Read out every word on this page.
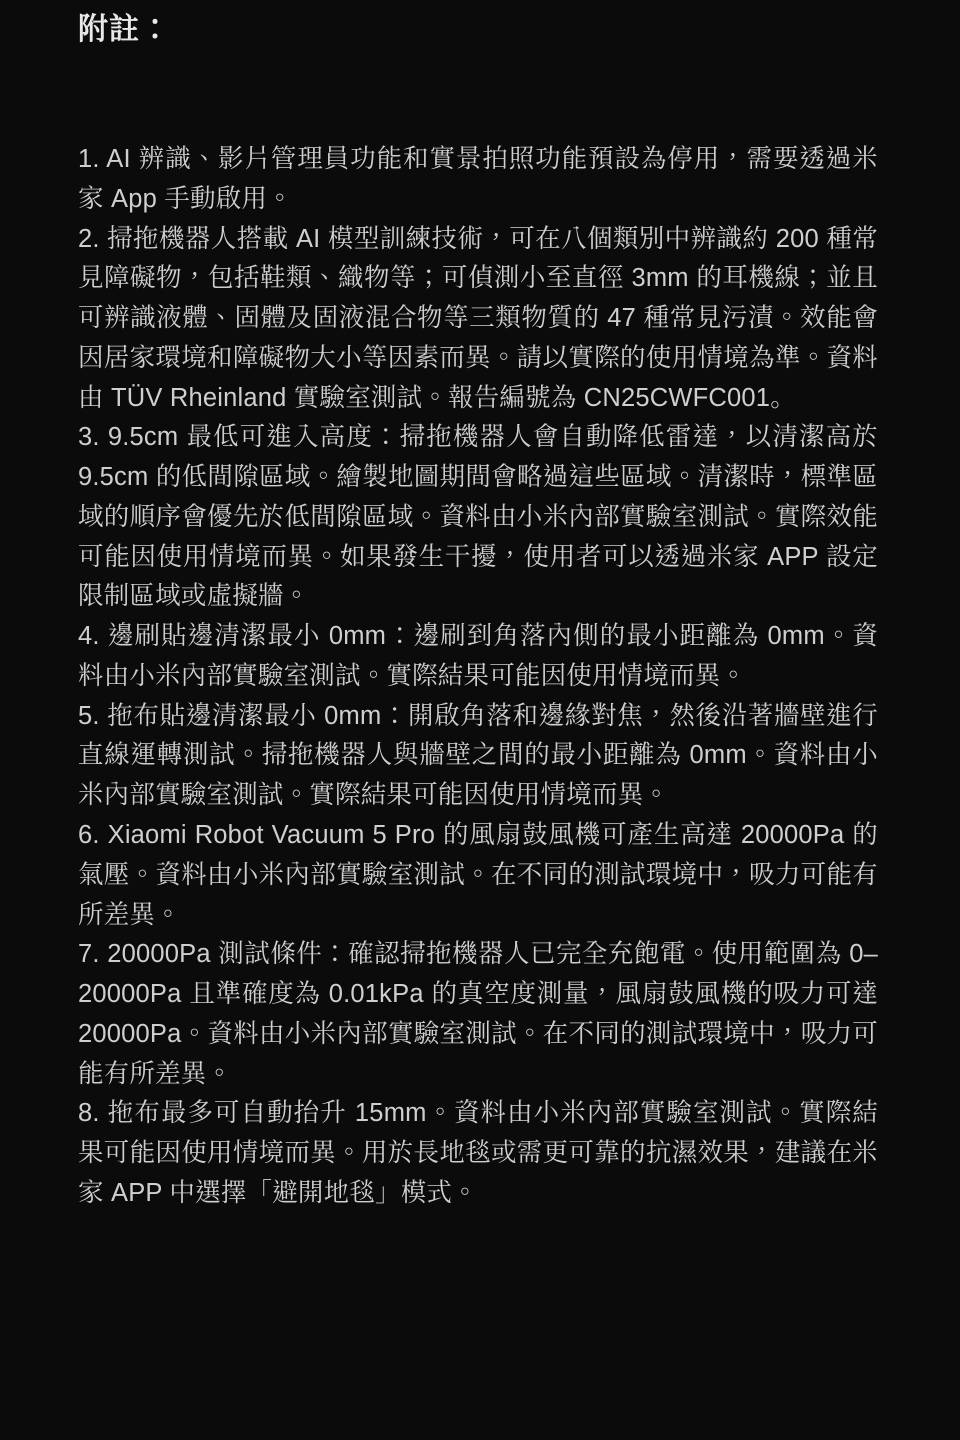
附註：

1. AI 辨識、影片管理員功能和實景拍照功能預設為停用，需要透過米家 App 手動啟用。

2. 掃拖機器人搭載 AI 模型訓練技術，可在八個類別中辨識約 200 種常見障礙物，包括鞋類、織物等；可偵測小至直徑 3mm 的耳機線；並且可辨識液體、固體及固液混合物等三類物質的 47 種常見污漬。效能會因居家環境和障礙物大小等因素而異。請以實際的使用情境為準。資料由 TÜV Rheinland 實驗室測試。報告編號為 CN25CWFC001。

3. 9.5cm 最低可進入高度：掃拖機器人會自動降低雷達，以清潔高於 9.5cm 的低間隙區域。繪製地圖期間會略過這些區域。清潔時，標準區域的順序會優先於低間隙區域。資料由小米內部實驗室測試。實際效能可能因使用情境而異。如果發生干擾，使用者可以透過米家 APP 設定限制區域或虛擬牆。

4. 邊刷貼邊清潔最小 0mm：邊刷到角落內側的最小距離為 0mm。資料由小米內部實驗室測試。實際結果可能因使用情境而異。

5. 拖布貼邊清潔最小 0mm：開啟角落和邊緣對焦，然後沿著牆壁進行直線運轉測試。掃拖機器人與牆壁之間的最小距離為 0mm。資料由小米內部實驗室測試。實際結果可能因使用情境而異。

6. Xiaomi Robot Vacuum 5 Pro 的風扇鼓風機可產生高達 20000Pa 的氣壓。資料由小米內部實驗室測試。在不同的測試環境中，吸力可能有所差異。

7. 20000Pa 測試條件：確認掃拖機器人已完全充飽電。使用範圍為 0–20000Pa 且準確度為 0.01kPa 的真空度測量，風扇鼓風機的吸力可達 20000Pa。資料由小米內部實驗室測試。在不同的測試環境中，吸力可能有所差異。

8. 拖布最多可自動抬升 15mm。資料由小米內部實驗室測試。實際結果可能因使用情境而異。用於長地毯或需更可靠的抗濕效果，建議在米家 APP 中選擇「避開地毯」模式。
